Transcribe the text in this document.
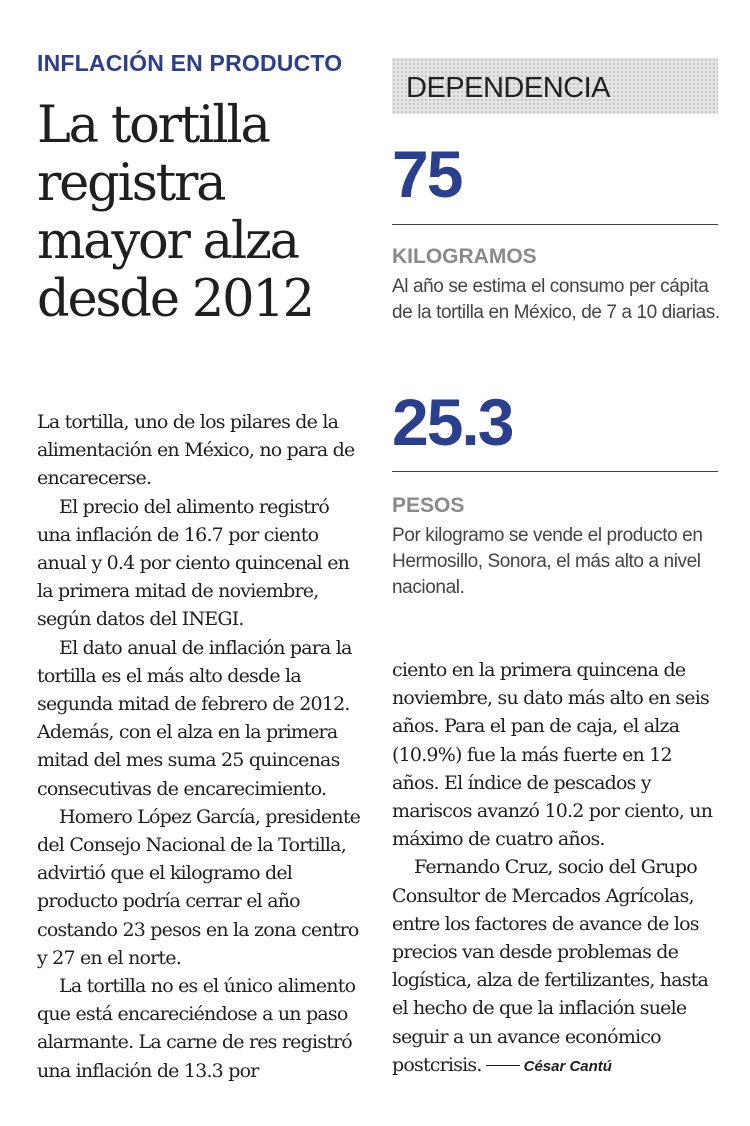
INFLACIÓN EN PRODUCTO
La tortilla registra mayor alza desde 2012
DEPENDENCIA
75
KILOGRAMOS
Al año se estima el consumo per cápita de la tortilla en México, de 7 a 10 diarias.
25.3
PESOS
Por kilogramo se vende el producto en Hermosillo, Sonora, el más alto a nivel nacional.

La tortilla, uno de los pilares de la alimentación en México, no para de encarecerse.

El precio del alimento registró una inflación de 16.7 por ciento anual y 0.4 por ciento quincenal en la primera mitad de noviembre, según datos del INEGI.

El dato anual de inflación para la tortilla es el más alto desde la segunda mitad de febrero de 2012. Además, con el alza en la primera mitad del mes suma 25 quincenas consecutivas de encarecimiento.

Homero López García, presidente del Consejo Nacional de la Tortilla, advirtió que el kilogramo del producto podría cerrar el año costando 23 pesos en la zona centro y 27 en el norte.

La tortilla no es el único alimento que está encareciéndose a un paso alarmante. La carne de res registró una inflación de 13.3 por

ciento en la primera quincena de noviembre, su dato más alto en seis años. Para el pan de caja, el alza (10.9%) fue la más fuerte en 12 años. El índice de pescados y mariscos avanzó 10.2 por ciento, un máximo de cuatro años.

Fernando Cruz, socio del Grupo Consultor de Mercados Agrícolas, entre los factores de avance de los precios van desde problemas de logística, alza de fertilizantes, hasta el hecho de que la inflación suele seguir a un avance económico postcrisis.	César Cantú
